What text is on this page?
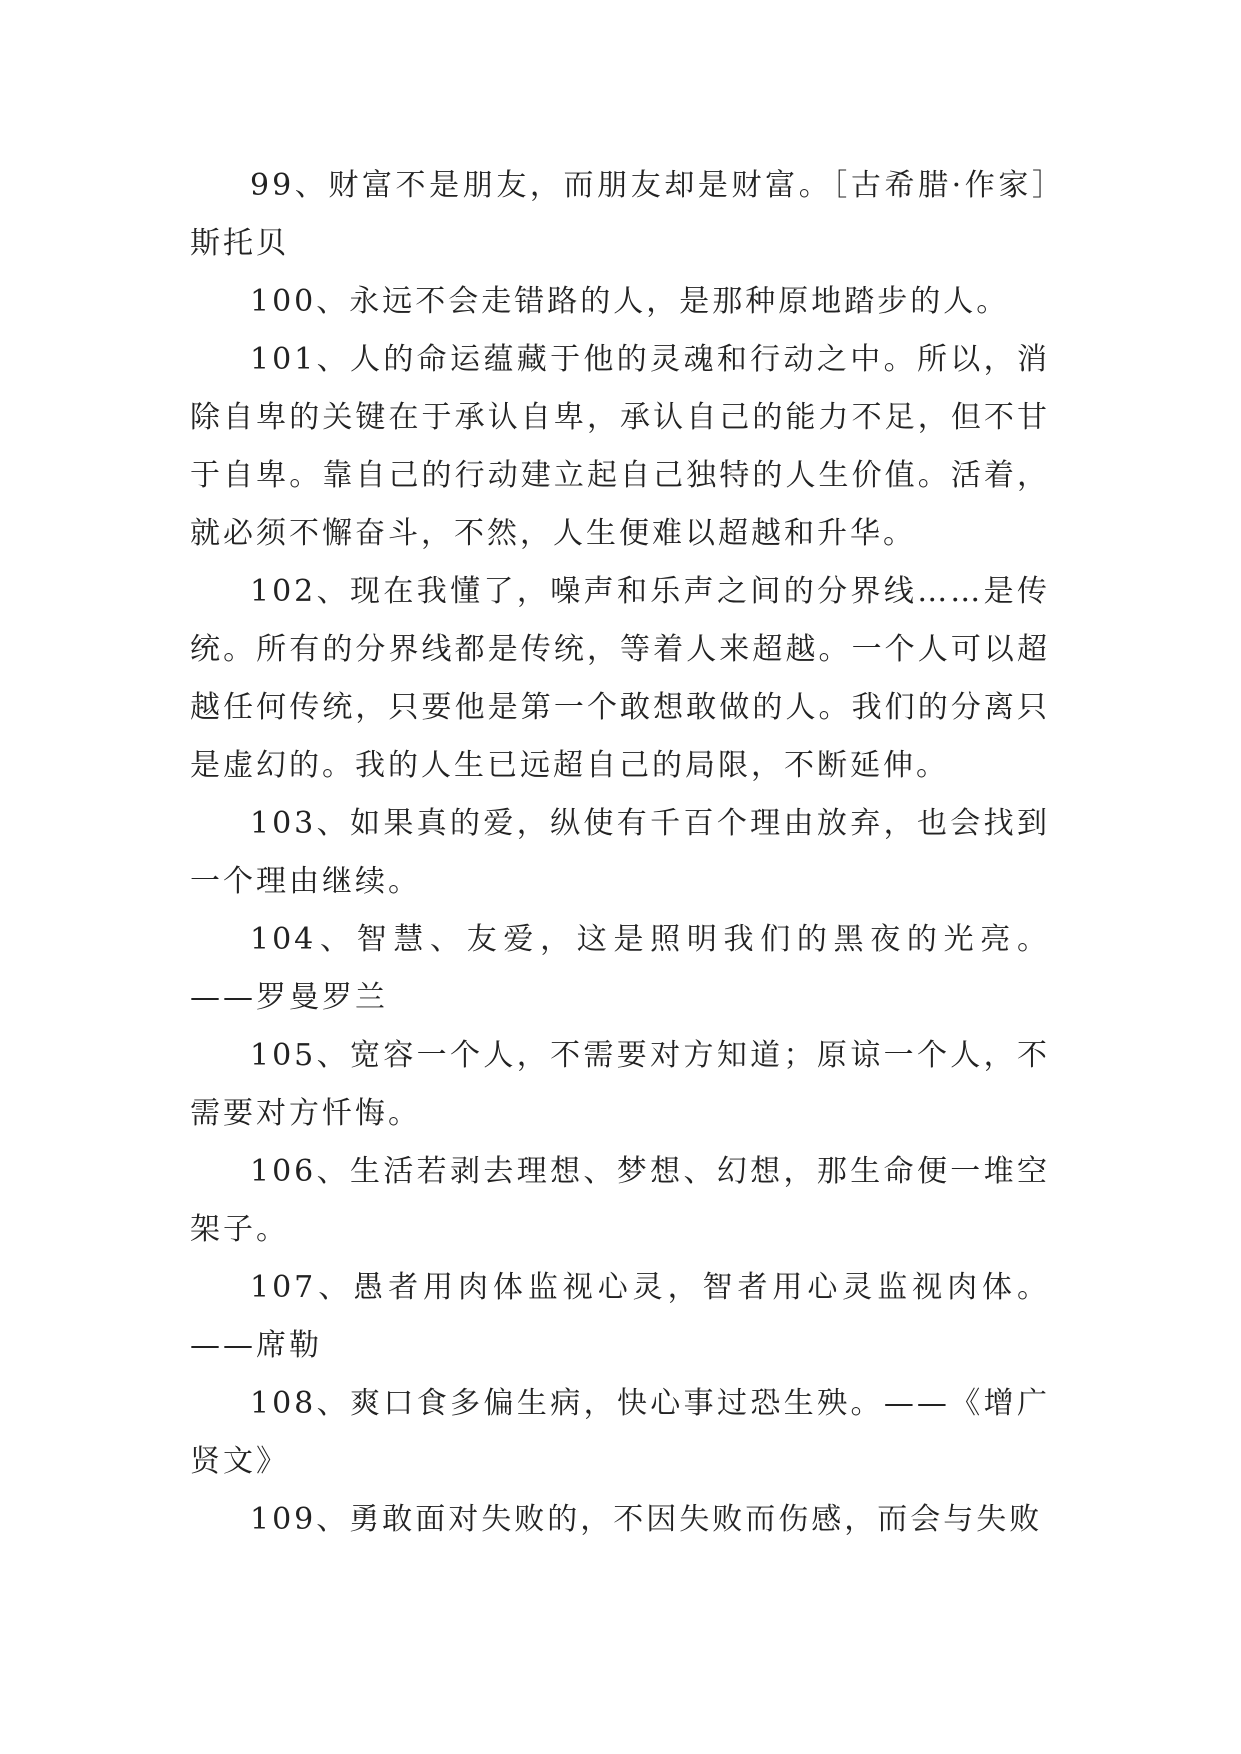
99、财富不是朋友，而朋友却是财富。［古希腊·作家］斯托贝

100、永远不会走错路的人，是那种原地踏步的人。

101、人的命运蕴藏于他的灵魂和行动之中。所以，消除自卑的关键在于承认自卑，承认自己的能力不足，但不甘于自卑。靠自己的行动建立起自己独特的人生价值。活着，就必须不懈奋斗，不然，人生便难以超越和升华。

102、现在我懂了，噪声和乐声之间的分界线……是传统。所有的分界线都是传统，等着人来超越。一个人可以超越任何传统，只要他是第一个敢想敢做的人。我们的分离只是虚幻的。我的人生已远超自己的局限，不断延伸。

103、如果真的爱，纵使有千百个理由放弃，也会找到一个理由继续。

104、智慧、友爱，这是照明我们的黑夜的光亮。 ——罗曼罗兰

105、宽容一个人，不需要对方知道；原谅一个人，不需要对方忏悔。

106、生活若剥去理想、梦想、幻想，那生命便一堆空架子。

107、愚者用肉体监视心灵，智者用心灵监视肉体。——席勒

108、爽口食多偏生病，快心事过恐生殃。——《增广贤文》

109、勇敢面对失败的，不因失败而伤感，而会与失败
